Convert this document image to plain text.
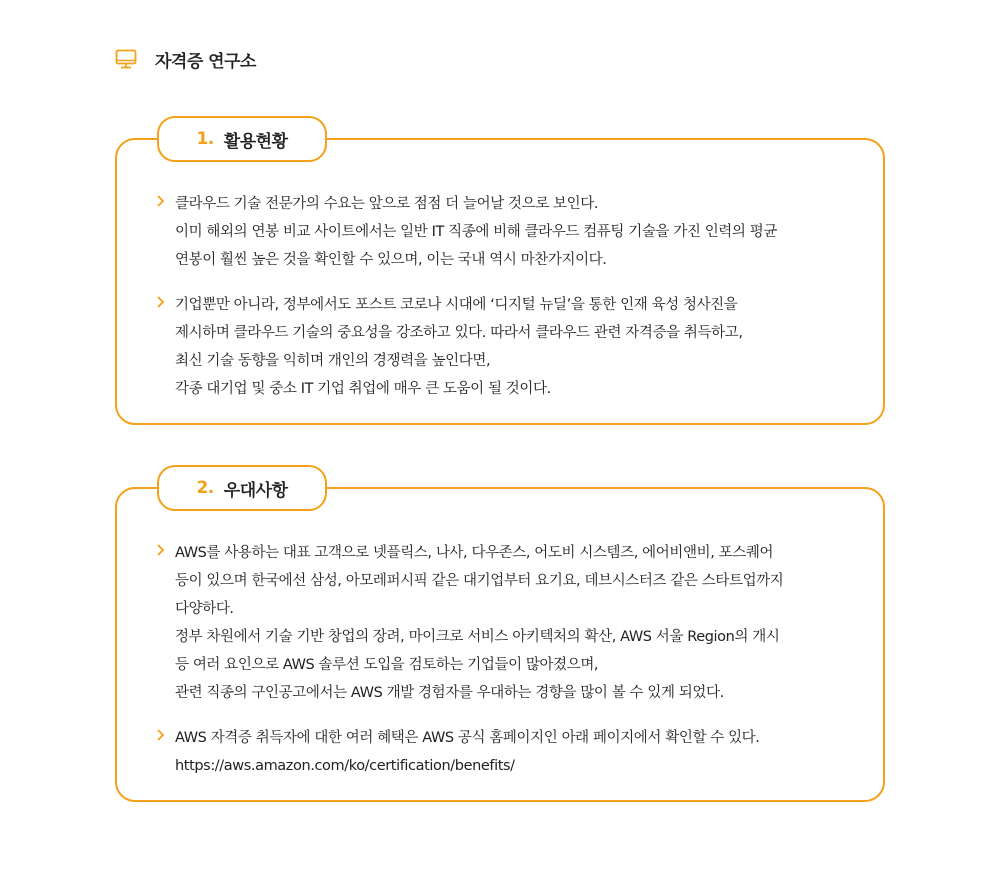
자격증 연구소
1. 활용현황
클라우드 기술 전문가의 수요는 앞으로 점점 더 늘어날 것으로 보인다.
이미 해외의 연봉 비교 사이트에서는 일반 IT 직종에 비해 클라우드 컴퓨팅 기술을 가진 인력의 평균
연봉이 훨씬 높은 것을 확인할 수 있으며, 이는 국내 역시 마찬가지이다.
기업뿐만 아니라, 정부에서도 포스트 코로나 시대에 ‘디지털 뉴딜’을 통한 인재 육성 청사진을
제시하며 클라우드 기술의 중요성을 강조하고 있다. 따라서 클라우드 관련 자격증을 취득하고,
최신 기술 동향을 익히며 개인의 경쟁력을 높인다면,
각종 대기업 및 중소 IT 기업 취업에 매우 큰 도움이 될 것이다.
2. 우대사항
AWS를 사용하는 대표 고객으로 넷플릭스, 나사, 다우존스, 어도비 시스템즈, 에어비앤비, 포스퀘어
등이 있으며 한국에선 삼성, 아모레퍼시픽 같은 대기업부터 요기요, 데브시스터즈 같은 스타트업까지
다양하다.
정부 차원에서 기술 기반 창업의 장려, 마이크로 서비스 아키텍처의 확산, AWS 서울 Region의 개시
등 여러 요인으로 AWS 솔루션 도입을 검토하는 기업들이 많아졌으며,
관련 직종의 구인공고에서는 AWS 개발 경험자를 우대하는 경향을 많이 볼 수 있게 되었다.
AWS 자격증 취득자에 대한 여러 혜택은 AWS 공식 홈페이지인 아래 페이지에서 확인할 수 있다.
https://aws.amazon.com/ko/certification/benefits/
